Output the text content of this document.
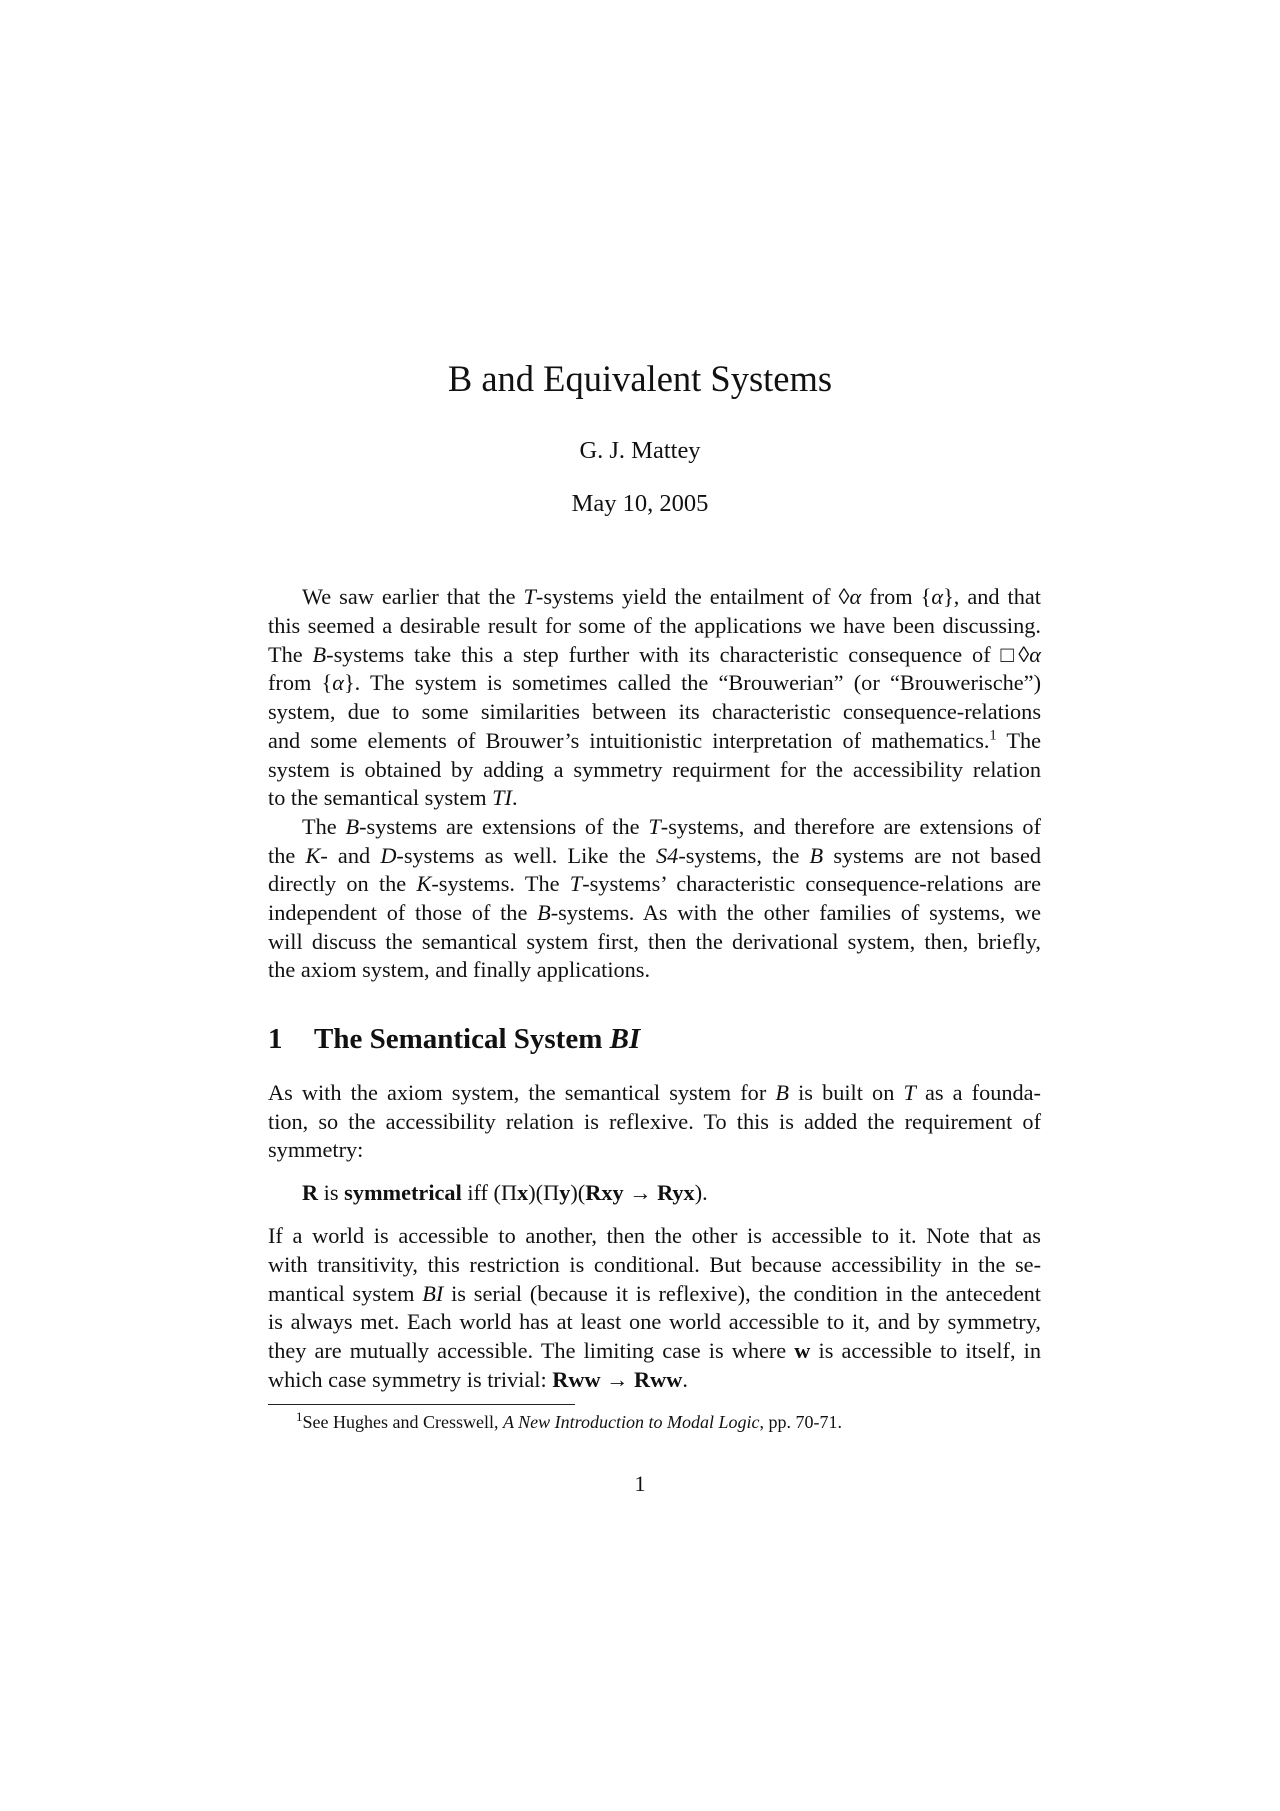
B and Equivalent Systems
G. J. Mattey
May 10, 2005
We saw earlier that the T-systems yield the entailment of ◊α from {α}, and that
this seemed a desirable result for some of the applications we have been discussing.
The B-systems take this a step further with its characteristic consequence of □◊α
from {α}. The system is sometimes called the “Brouwerian” (or “Brouwerische”)
system, due to some similarities between its characteristic consequence-relations
and some elements of Brouwer’s intuitionistic interpretation of mathematics.$^1$ The
system is obtained by adding a symmetry requirment for the accessibility relation
to the semantical system TI.
The B-systems are extensions of the T-systems, and therefore are extensions of
the K- and D-systems as well. Like the S4-systems, the B systems are not based
directly on the K-systems. The T-systems’ characteristic consequence-relations are
independent of those of the B-systems. As with the other families of systems, we
will discuss the semantical system first, then the derivational system, then, briefly,
the axiom system, and finally applications.
1 The Semantical System BI
As with the axiom system, the semantical system for B is built on T as a founda-
tion, so the accessibility relation is reflexive. To this is added the requirement of
symmetry:
R is symmetrical iff (Πx)(Πy)(Rxy → Ryx).
If a world is accessible to another, then the other is accessible to it. Note that as
with transitivity, this restriction is conditional. But because accessibility in the se-
mantical system BI is serial (because it is reflexive), the condition in the antecedent
is always met. Each world has at least one world accessible to it, and by symmetry,
they are mutually accessible. The limiting case is where w is accessible to itself, in
which case symmetry is trivial: Rww → Rww.
$^1$See Hughes and Cresswell, A New Introduction to Modal Logic, pp. 70-71.
1
